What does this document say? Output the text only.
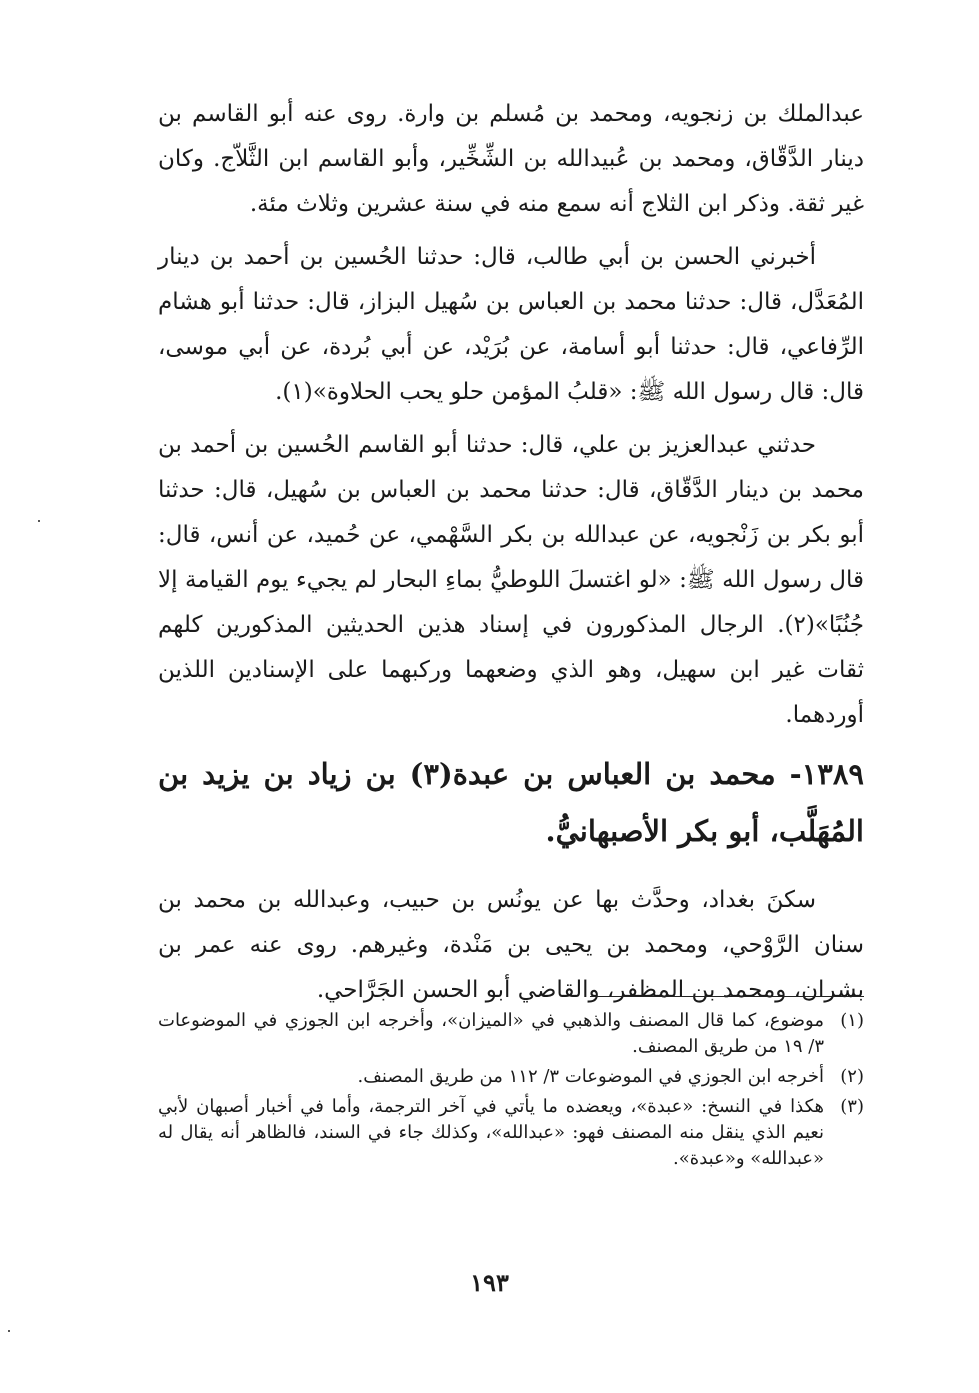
عبدالملك بن زنجويه، ومحمد بن مُسلم بن وارة. روى عنه أبو القاسم بن دينار الدَّقّاق، ومحمد بن عُبيدالله بن الشِّخِّير، وأبو القاسم ابن الثَّلاّج. وكان غير ثقة. وذكر ابن الثلاج أنه سمع منه في سنة عشرين وثلاث مئة.

أخبرني الحسن بن أبي طالب، قال: حدثنا الحُسين بن أحمد بن دينار المُعَدَّل، قال: حدثنا محمد بن العباس بن سُهيل البزاز، قال: حدثنا أبو هشام الرِّفاعي، قال: حدثنا أبو أسامة، عن بُرَيْد، عن أبي بُردة، عن أبي موسى، قال: قال رسول الله ﷺ: «قلبُ المؤمن حلو يحب الحلاوة»(١).

حدثني عبدالعزيز بن علي، قال: حدثنا أبو القاسم الحُسين بن أحمد بن محمد بن دينار الدَّقّاق، قال: حدثنا محمد بن العباس بن سُهيل، قال: حدثنا أبو بكر بن زَنْجويه، عن عبدالله بن بكر السَّهْمي، عن حُميد، عن أنس، قال: قال رسول الله ﷺ: «لو اغتسلَ اللوطيُّ بماءِ البحار لم يجيء يوم القيامة إلا جُنُبًا»(٢). الرجال المذكورون في إسناد هذين الحديثين المذكورين كلهم ثقات غير ابن سهيل، وهو الذي وضعهما وركبهما على الإسنادين اللذين أوردهما.

١٣٨٩- محمد بن العباس بن عبدة(٣) بن زياد بن يزيد بن المُهَلَّب، أبو بكر الأصبهانيُّ.

سكنَ بغداد، وحدَّث بها عن يونُس بن حبيب، وعبدالله بن محمد بن سنان الرَّوْحي، ومحمد بن يحيى بن مَنْدة، وغيرهم. روى عنه عمر بن بشران، ومحمد بن المظفر، والقاضي أبو الحسن الجَرَّاحي.

(١)
موضوع، كما قال المصنف والذهبي في «الميزان»، وأخرجه ابن الجوزي في الموضوعات ٣/ ١٩ من طريق المصنف.
(٢)
أخرجه ابن الجوزي في الموضوعات ٣/ ١١٢ من طريق المصنف.
(٣)
هكذا في النسخ: «عبدة»، ويعضده ما يأتي في آخر الترجمة، وأما في أخبار أصبهان لأبي نعيم الذي ينقل منه المصنف فهو: «عبدالله»، وكذلك جاء في السند، فالظاهر أنه يقال له «عبدالله» و«عبدة».
١٩٣
